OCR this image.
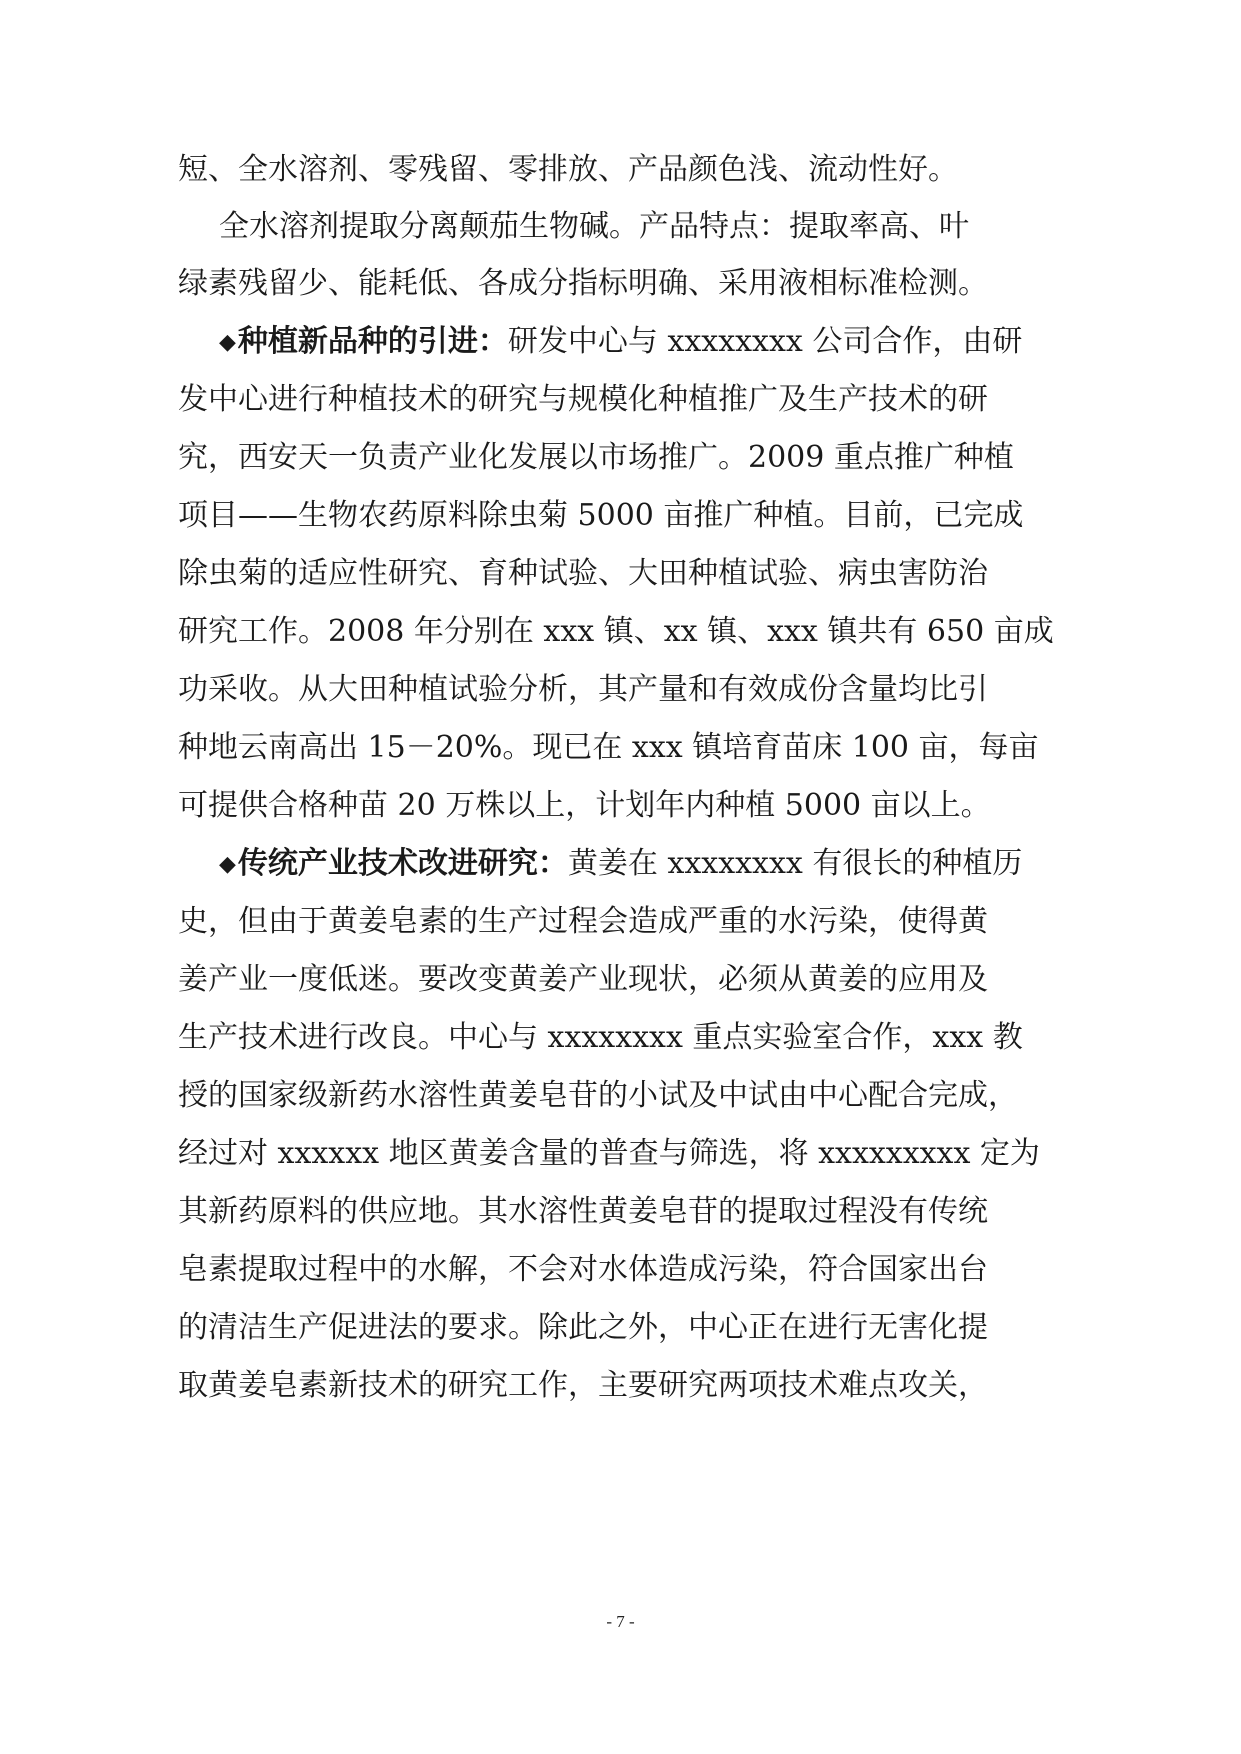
短、全水溶剂、零残留、零排放、产品颜色浅、流动性好。
全水溶剂提取分离颠茄生物碱。产品特点：提取率高、叶
绿素残留少、能耗低、各成分指标明确、采用液相标准检测。
◆种植新品种的引进：研发中心与 xxxxxxxx 公司合作，由研
发中心进行种植技术的研究与规模化种植推广及生产技术的研
究，西安天一负责产业化发展以市场推广。2009 重点推广种植
项目——生物农药原料除虫菊 5000 亩推广种植。目前，已完成
除虫菊的适应性研究、育种试验、大田种植试验、病虫害防治
研究工作。2008 年分别在 xxx 镇、xx 镇、xxx 镇共有 650 亩成
功采收。从大田种植试验分析，其产量和有效成份含量均比引
种地云南高出 15－20%。现已在 xxx 镇培育苗床 100 亩，每亩
可提供合格种苗 20 万株以上，计划年内种植 5000 亩以上。
◆传统产业技术改进研究：黄姜在 xxxxxxxx 有很长的种植历
史，但由于黄姜皂素的生产过程会造成严重的水污染，使得黄
姜产业一度低迷。要改变黄姜产业现状，必须从黄姜的应用及
生产技术进行改良。中心与 xxxxxxxx 重点实验室合作，xxx 教
授的国家级新药水溶性黄姜皂苷的小试及中试由中心配合完成，
经过对 xxxxxx 地区黄姜含量的普查与筛选，将 xxxxxxxxx 定为
其新药原料的供应地。其水溶性黄姜皂苷的提取过程没有传统
皂素提取过程中的水解，不会对水体造成污染，符合国家出台
的清洁生产促进法的要求。除此之外，中心正在进行无害化提
取黄姜皂素新技术的研究工作，主要研究两项技术难点攻关，
- 7 -
